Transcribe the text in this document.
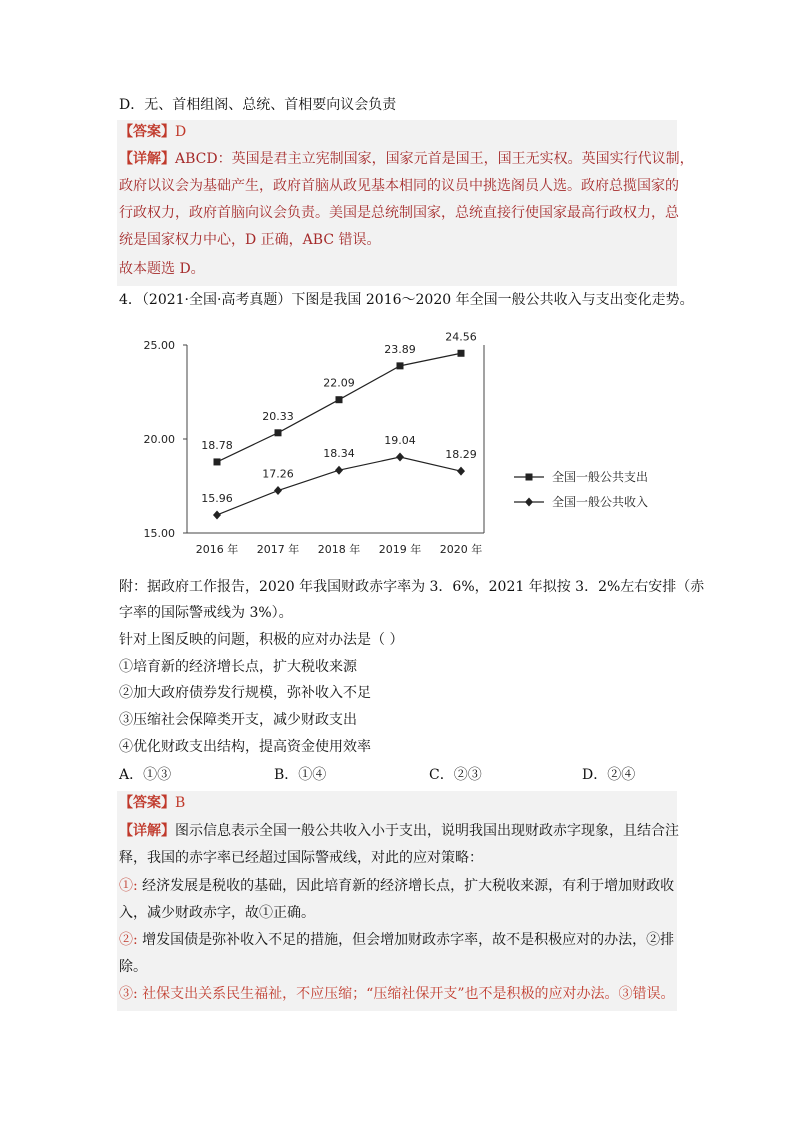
D．无、首相组阁、总统、首相要向议会负责
【答案】D
【详解】ABCD：英国是君主立宪制国家，国家元首是国王，国王无实权。英国实行代议制，
政府以议会为基础产生，政府首脑从政见基本相同的议员中挑选阁员人选。政府总揽国家的
行政权力，政府首脑向议会负责。美国是总统制国家，总统直接行使国家最高行政权力，总
统是国家权力中心，D 正确，ABC 错误。
故本题选 D。
4．（2021·全国·高考真题）下图是我国 2016～2020 年全国一般公共收入与支出变化走势。
15.00
20.00
25.00
2016 年 2017 年 2018 年 2019 年 2020 年
18.78
20.33
22.09
23.89
24.56
15.96
17.26
18.34
19.04
18.29
全国一般公共支出
全国一般公共收入
附：据政府工作报告，2020 年我国财政赤字率为 3．6%，2021 年拟按 3．2%左右安排（赤
字率的国际警戒线为 3%）。
针对上图反映的问题，积极的应对办法是（ ）
①培育新的经济增长点，扩大税收来源
②加大政府债券发行规模，弥补收入不足
③压缩社会保障类开支，减少财政支出
④优化财政支出结构，提高资金使用效率
A．①③	B．①④	C．②③	D．②④
【答案】B
【详解】图示信息表示全国一般公共收入小于支出，说明我国出现财政赤字现象，且结合注
释，我国的赤字率已经超过国际警戒线，对此的应对策略：
①: 经济发展是税收的基础，因此培育新的经济增长点，扩大税收来源，有利于增加财政收
入，减少财政赤字，故①正确。
②: 增发国债是弥补收入不足的措施，但会增加财政赤字率，故不是积极应对的办法，②排
除。
③: 社保支出关系民生福祉，不应压缩；“压缩社保开支”也不是积极的应对办法。③错误。
